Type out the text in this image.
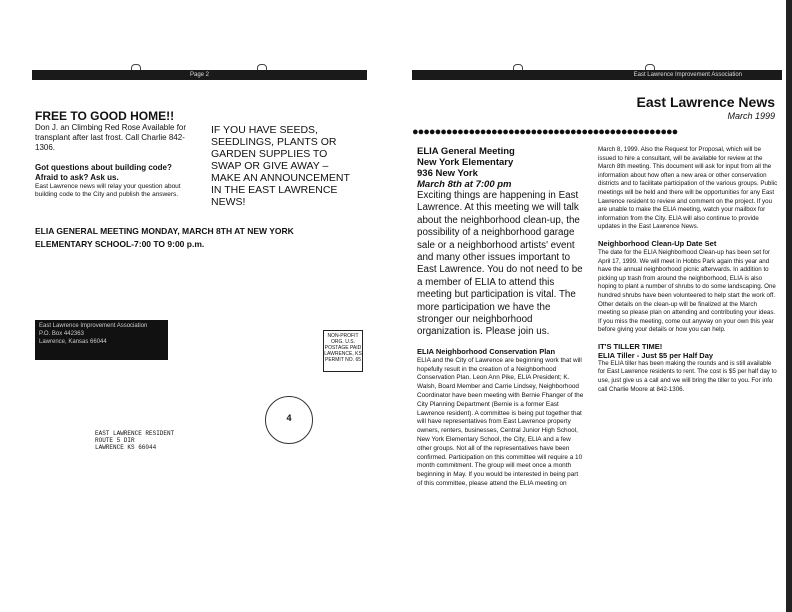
Page 2
FREE TO GOOD HOME!!
Don J. an Climbing Red Rose Available for transplant after last frost. Call Charlie 842-1306.
Got questions about building code? Afraid to ask? Ask us.
East Lawrence news will relay your question about building code to the City and publish the answers.
IF YOU HAVE SEEDS, SEEDLINGS, PLANTS OR GARDEN SUPPLIES TO SWAP OR GIVE AWAY – MAKE AN ANNOUNCEMENT IN THE EAST LAWRENCE NEWS!
ELIA GENERAL MEETING MONDAY, MARCH 8TH AT NEW YORK
ELEMENTARY SCHOOL-7:00 TO 9:00 p.m.
East Lawrence Improvement Association
P.O. Box 442363
Lawrence, Kansas 66044
NON-PROFIT ORG. U.S. POSTAGE PAID LAWRENCE, KS
PERMIT NO. 65
4
EAST LAWRENCE RESIDENT
ROUTE 5 DIR
LAWRENCE KS 66044
East Lawrence Improvement Association
East Lawrence News
March 1999
●●●●●●●●●●●●●●●●●●●●●●●●●●●●●●●●●●●●●●●●●●●●●●●
ELIA General Meeting
New York Elementary
936 New York
March 8th at 7:00 pm
Exciting things are happening in East Lawrence. At this meeting we will talk about the neighborhood clean-up, the possibility of a neighborhood garage sale or a neighborhood artists' event and many other issues important to East Lawrence. You do not need to be a member of ELIA to attend this meeting but participation is vital. The more participation we have the stronger our neighborhood organization is. Please join us.
ELIA Neighborhood Conservation Plan
ELIA and the City of Lawrence are beginning work that will hopefully result in the creation of a Neighborhood Conservation Plan. Leon Ann Pike, ELIA President; K. Walsh, Board Member and Carrie Lindsey, Neighborhood Coordinator have been meeting with Bernie Fhanger of the City Planning Department (Bernie is a former East Lawrence resident). A committee is being put together that will have representatives from East Lawrence property owners, renters, businesses, Central Junior High School, New York Elementary School, the City, ELIA and a few other groups. Not all of the representatives have been confirmed. Participation on this committee will require a 10 month commitment. The group will meet once a month beginning in May. If you would be interested in being part of this committee, please attend the ELIA meeting on
March 8, 1999. Also the Request for Proposal, which will be issued to hire a consultant, will be available for review at the March 8th meeting. This document will ask for input from all the information about how often a new area or other conservation districts and to facilitate participation of the various groups. Public meetings will be held and there will be opportunities for any East Lawrence resident to review and comment on the project. If you are unable to make the ELIA meeting, watch your mailbox for information from the City. ELIA will also continue to provide updates in the East Lawrence News.
Neighborhood Clean-Up Date Set
The date for the ELIA Neighborhood Clean-up has been set for April 17, 1999. We will meet in Hobbs Park again this year and have the annual neighborhood picnic afterwards. In addition to picking up trash from around the neighborhood, ELIA is also hoping to plant a number of shrubs to do some landscaping. One hundred shrubs have been volunteered to help start the work off. Other details on the clean-up will be finalized at the March meeting so please plan on attending and contributing your ideas. If you miss the meeting, come out anyway on your own this year before giving your details or how you can help.
IT'S TILLER TIME!
ELIA Tiller - Just $5 per Half Day
The ELIA tiller has been making the rounds and is still available for East Lawrence residents to rent. The cost is $5 per half day to use, just give us a call and we will bring the tiller to you. For info call Charlie Moore at 842-1306.
